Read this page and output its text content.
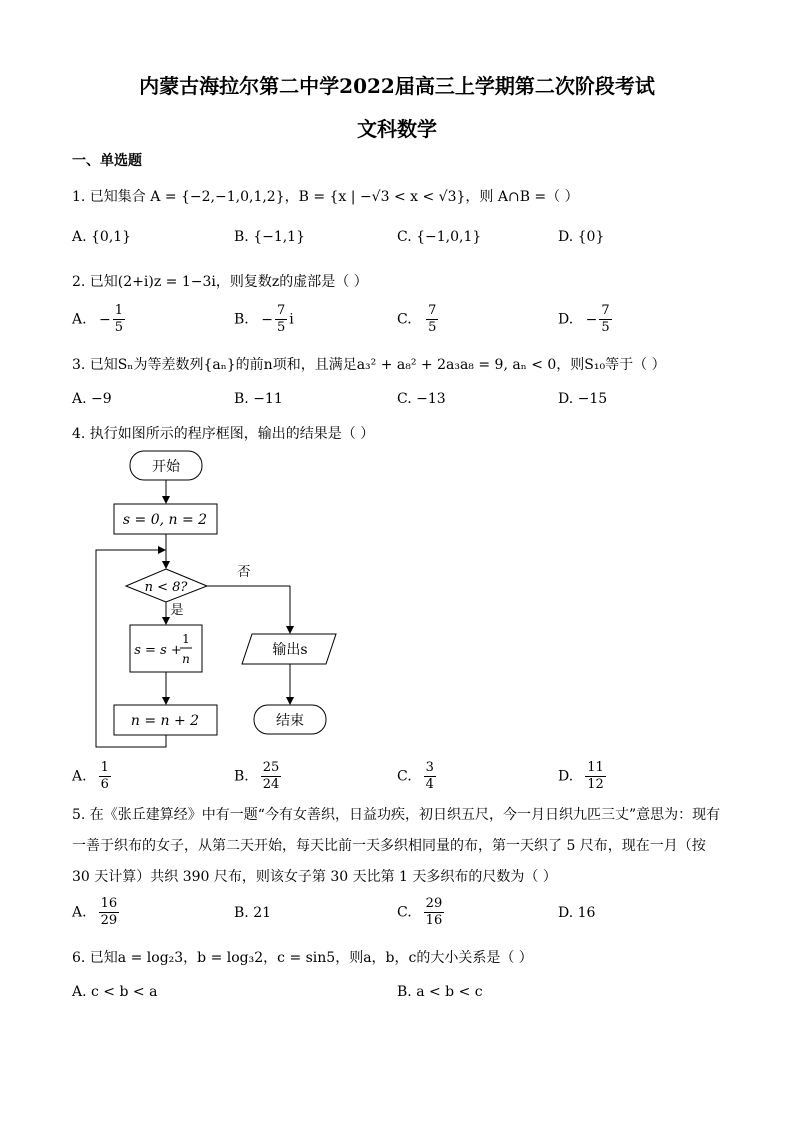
内蒙古海拉尔第二中学2022届高三上学期第二次阶段考试
文科数学
一、单选题
1. 已知集合 A = {−2,−1,0,1,2}，B = {x | −√3 < x < √3}，则 A∩B =（ ）
A. {0,1}	B. {−1,1}	C. {−1,0,1}	D. {0}
2. 已知(2+i)z = 1−3i，则复数z的虚部是（ ）
A. − $\frac{1}{5}$	B. − $\frac{7}{5}$ i	C. $\frac{7}{5}$	D. − $\frac{7}{5}$
3. 已知Sₙ为等差数列{aₙ}的前n项和，且满足a₃² + a₈² + 2a₃a₈ = 9, aₙ < 0，则S₁₀等于（ ）
A. −9	B. −11	C. −13	D. −15
4. 执行如图所示的程序框图，输出的结果是（ ）
开始
s = 0, n = 2
n < 8?
否
是
s = s +
1
n
n = n + 2
输出s
结束
A. $\frac{1}{6}$	B. $\frac{25}{24}$	C. $\frac{3}{4}$	D. $\frac{11}{12}$
5. 在《张丘建算经》中有一题“今有女善织，日益功疾，初日织五尺，今一月日织九匹三丈”意思为：现有一善于织布的女子，从第二天开始，每天比前一天多织相同量的布，第一天织了 5 尺布，现在一月（按 30 天计算）共织 390 尺布，则该女子第 30 天比第 1 天多织布的尺数为（ ）
A. $\frac{16}{29}$	B. 21	C. $\frac{29}{16}$	D. 16
6. 已知a = log₂3，b = log₃2，c = sin5，则a，b，c的大小关系是（ ）
A. c < b < a	B. a < b < c
